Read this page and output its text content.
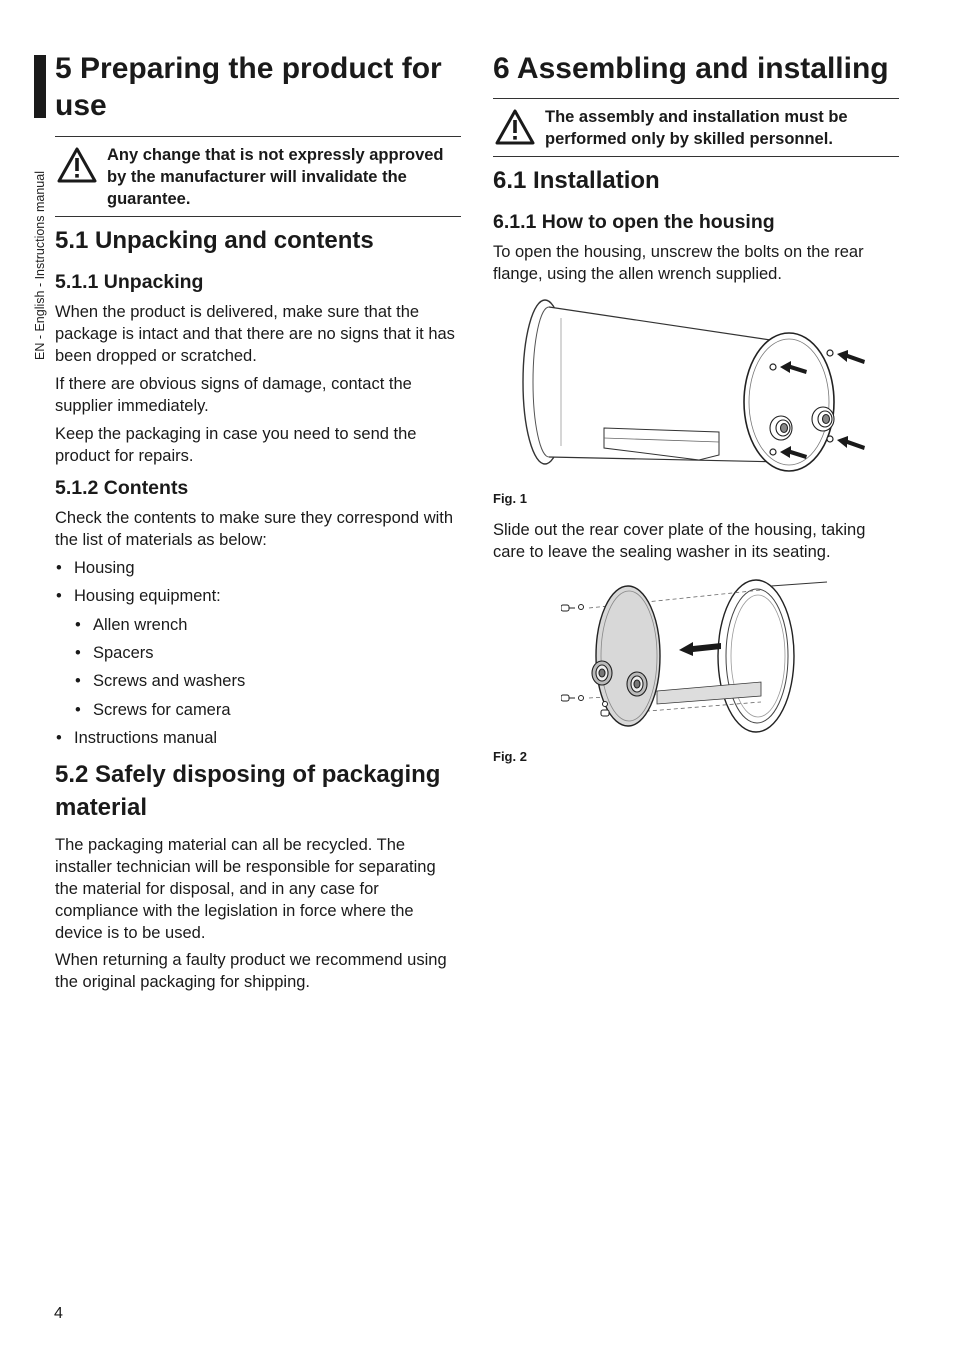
EN - English - Instructions manual
5 Preparing the product for use
Any change that is not expressly approved by the manufacturer will invalidate the guarantee.
5.1 Unpacking and contents
5.1.1 Unpacking

When the product is delivered, make sure that the package is intact and that there are no signs that it has been dropped or scratched.

If there are obvious signs of damage, contact the supplier immediately.

Keep the packaging in case you need to send the product for repairs.

5.1.2 Contents

Check the contents to make sure they correspond with the list of materials as below:

• Housing
• Housing equipment:
• Allen wrench
• Spacers
• Screws and washers
• Screws for camera
• Instructions manual
5.2 Safely disposing of packaging material

The packaging material can all be recycled. The installer technician will be responsible for separating the material for disposal, and in any case for compliance with the legislation in force where the device is to be used.

When returning a faulty product we recommend using the original packaging for shipping.

6 Assembling and installing
The assembly and installation must be performed only by skilled personnel.
6.1 Installation
6.1.1 How to open the housing

To open the housing, unscrew the bolts on the rear flange, using the allen wrench supplied.

Fig. 1

Slide out the rear cover plate of the housing, taking care to leave the sealing washer in its seating.

Fig. 2
4
